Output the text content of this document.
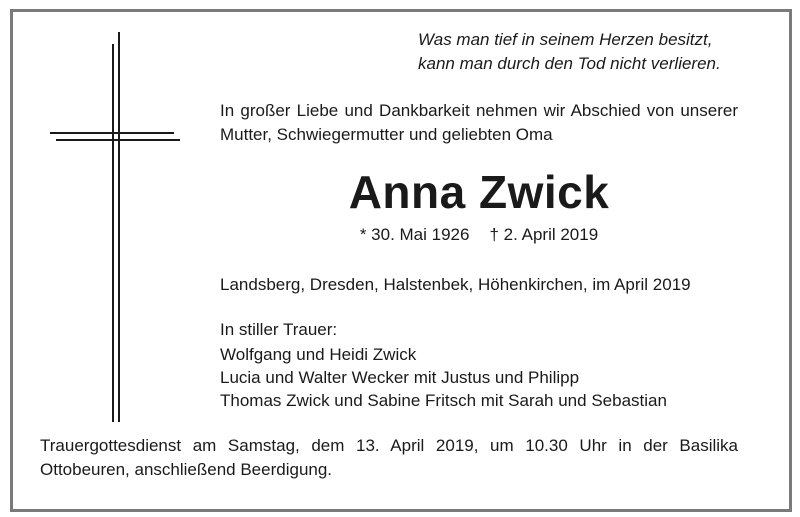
Was man tief in seinem Herzen besitzt,
kann man durch den Tod nicht verlieren.
In großer Liebe und Dankbarkeit nehmen wir Abschied von unserer Mutter, Schwiegermutter und geliebten Oma
Anna Zwick
* 30. Mai 1926 † 2. April 2019
Landsberg, Dresden, Halstenbek, Höhenkirchen, im April 2019
In stiller Trauer:
Wolfgang und Heidi Zwick
Lucia und Walter Wecker mit Justus und Philipp
Thomas Zwick und Sabine Fritsch mit Sarah und Sebastian
Trauergottesdienst am Samstag, dem 13. April 2019, um 10.30 Uhr in der Basilika Ottobeuren, anschließend Beerdigung.
